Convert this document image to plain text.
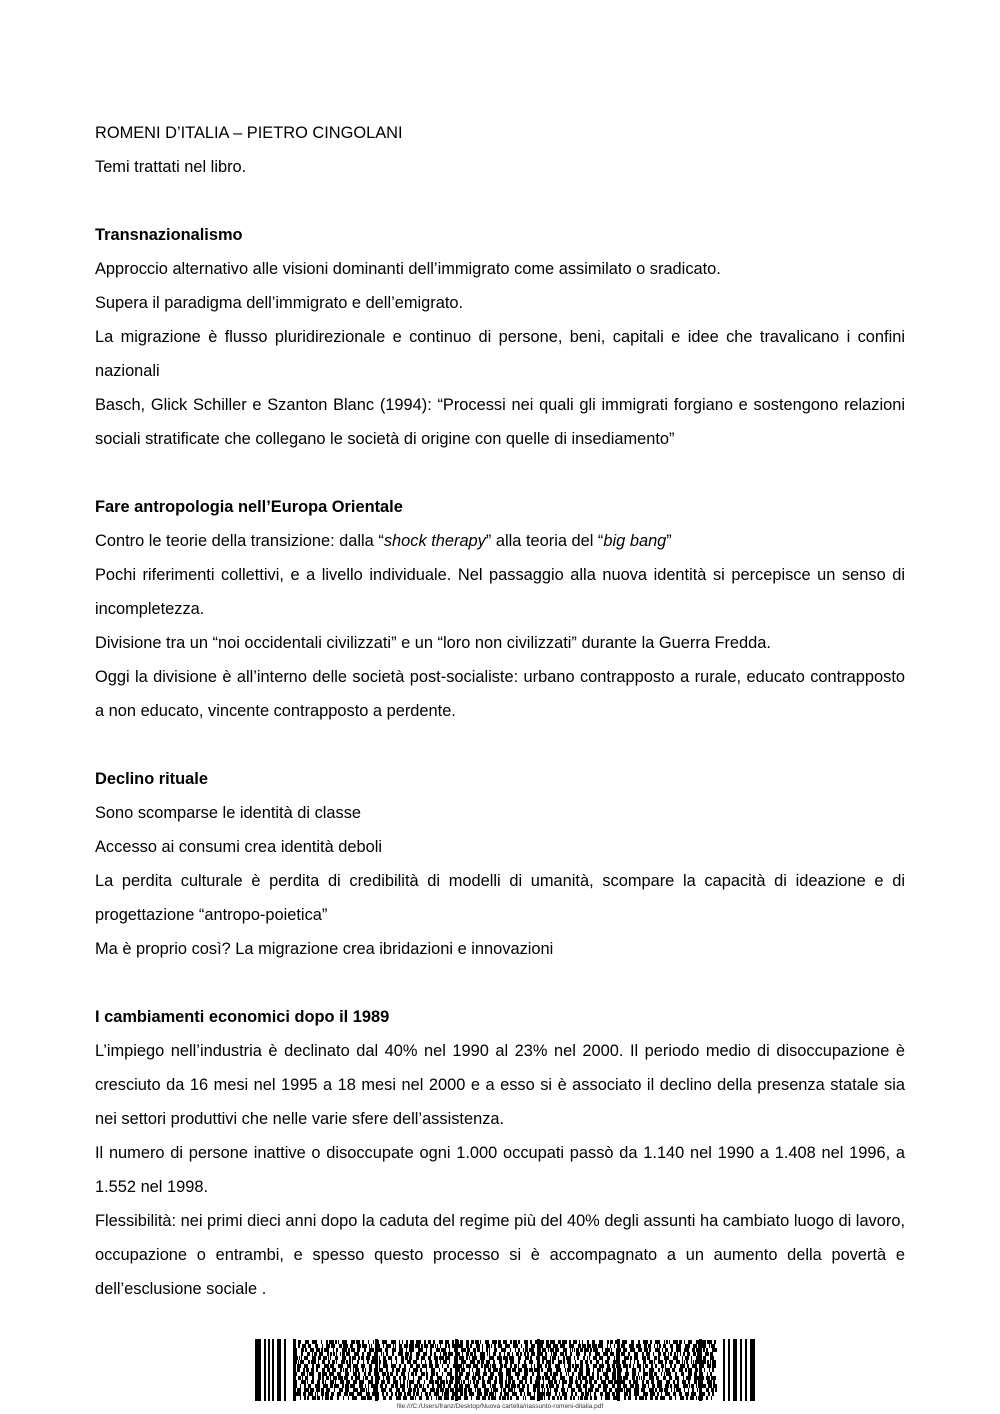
ROMENI D’ITALIA – PIETRO CINGOLANI

Temi trattati nel libro.

Transnazionalismo

Approccio alternativo alle visioni dominanti dell’immigrato come assimilato o sradicato.

Supera il paradigma dell’immigrato e dell’emigrato.

La migrazione è flusso pluridirezionale e continuo di persone, beni, capitali e idee che travalicano i confini nazionali

Basch, Glick Schiller e Szanton Blanc (1994): “Processi nei quali gli immigrati forgiano e sostengono relazioni sociali stratificate che collegano le società di origine con quelle di insediamento”

Fare antropologia nell’Europa Orientale

Contro le teorie della transizione: dalla “shock therapy” alla teoria del “big bang”

Pochi riferimenti collettivi, e a livello individuale. Nel passaggio alla nuova identità si percepisce un senso di incompletezza.

Divisione tra un “noi occidentali civilizzati” e un “loro non civilizzati” durante la Guerra Fredda.

Oggi la divisione è all’interno delle società post-socialiste: urbano contrapposto a rurale, educato contrapposto a non educato, vincente contrapposto a perdente.

Declino rituale

Sono scomparse le identità di classe

Accesso ai consumi crea identità deboli

La perdita culturale è perdita di credibilità di modelli di umanità, scompare la capacità di ideazione e di progettazione “antropo-poietica”

Ma è proprio così? La migrazione crea ibridazioni e innovazioni

I cambiamenti economici dopo il 1989

L’impiego nell’industria è declinato dal 40% nel 1990 al 23% nel 2000. Il periodo medio di disoccupazione è cresciuto da 16 mesi nel 1995 a 18 mesi nel 2000 e a esso si è associato il declino della presenza statale sia nei settori produttivi che nelle varie sfere dell’assistenza.

Il numero di persone inattive o disoccupate ogni 1.000 occupati passò da 1.140 nel 1990 a 1.408 nel 1996, a 1.552 nel 1998.

Flessibilità: nei primi dieci anni dopo la caduta del regime più del 40% degli assunti ha cambiato luogo di lavoro, occupazione o entrambi, e spesso questo processo si è accompagnato a un aumento della povertà e dell’esclusione sociale .

file:///C:/Users/franz/Desktop/Nuova cartella/riassunto-romeni-ditalia.pdf
